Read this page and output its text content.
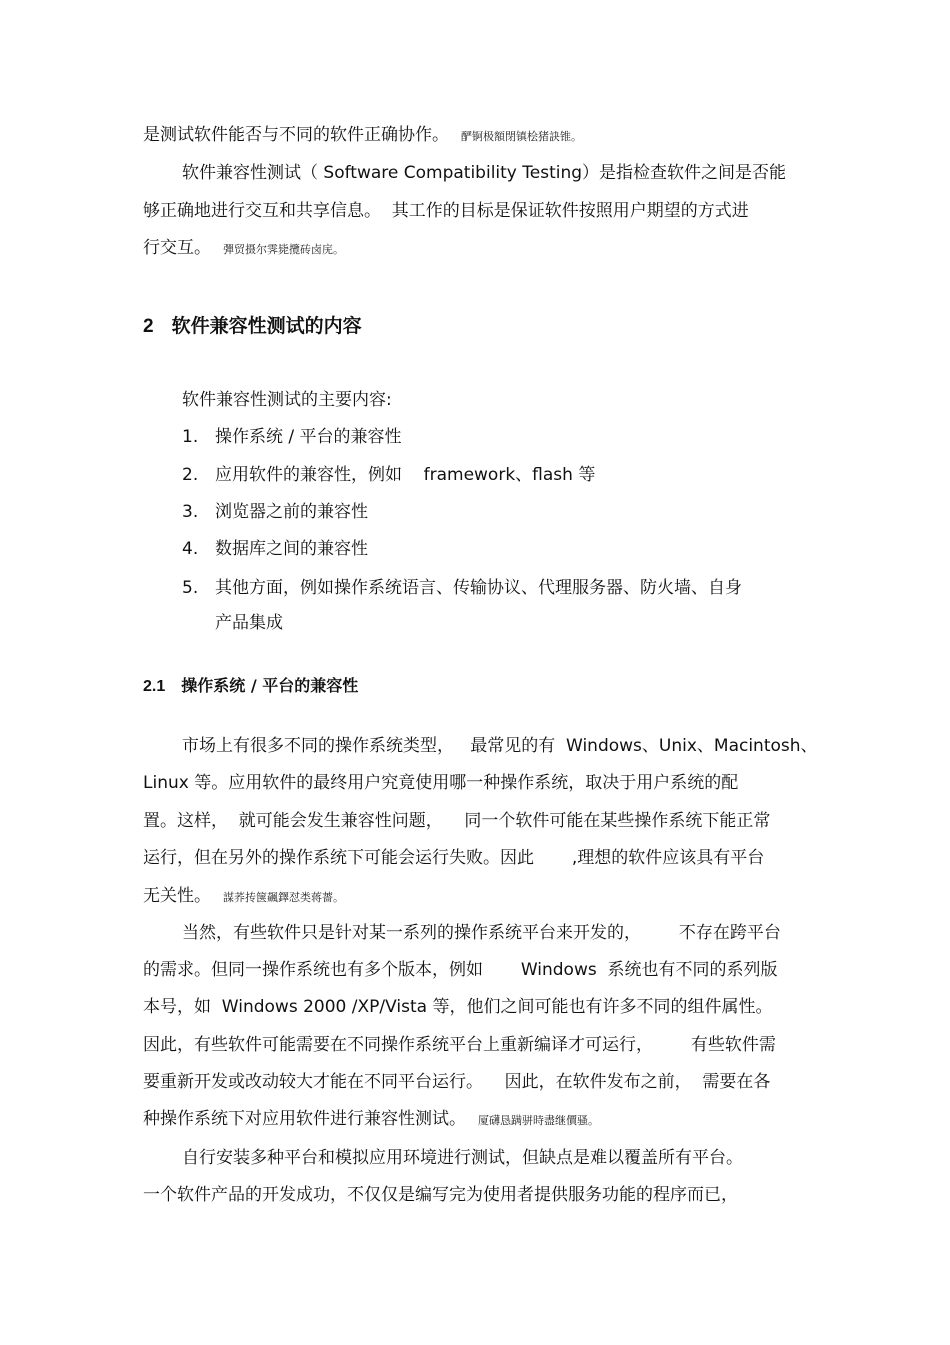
是测试软件能否与不同的软件正确协作。 酽锕极額閉镇桧猪訣锥。

软件兼容性测试（ Software Compatibility Testing）是指检查软件之间是否能

够正确地进行交互和共享信息。  其工作的目标是保证软件按照用户期望的方式进

行交互。 彈贸摄尔霁毙攬砖卤庑。

2 软件兼容性测试的内容

软件兼容性测试的主要内容:

1. 操作系统 / 平台的兼容性
2. 应用软件的兼容性，例如    framework、flash 等
3. 浏览器之前的兼容性
4. 数据库之间的兼容性
5. 其他方面，例如操作系统语言、传输协议、代理服务器、防火墙、自身
产品集成
2.1 操作系统 / 平台的兼容性

市场上有很多不同的操作系统类型，   最常见的有  Windows、Unix、Macintosh、

Linux 等。应用软件的最终用户究竟使用哪一种操作系统，取决于用户系统的配

置。这样，  就可能会发生兼容性问题，    同一个软件可能在某些操作系统下能正常

运行，但在另外的操作系统下可能会运行失败。因此       ,理想的软件应该具有平台

无关性。 謀荞抟箧飆鐸怼类蒋薔。

当然，有些软件只是针对某一系列的操作系统平台来开发的，       不存在跨平台

的需求。但同一操作系统也有多个版本，例如       Windows  系统也有不同的系列版

本号，如  Windows 2000 /XP/Vista 等，他们之间可能也有许多不同的组件属性。

因此，有些软件可能需要在不同操作系统平台上重新编译才可运行，       有些软件需

要重新开发或改动较大才能在不同平台运行。    因此，在软件发布之前，  需要在各

种操作系统下对应用软件进行兼容性测试。 厦礴恳蹒骈時盡继價骚。

自行安装多种平台和模拟应用环境进行测试，但缺点是难以覆盖所有平台。

一个软件产品的开发成功，不仅仅是编写完为使用者提供服务功能的程序而已，
